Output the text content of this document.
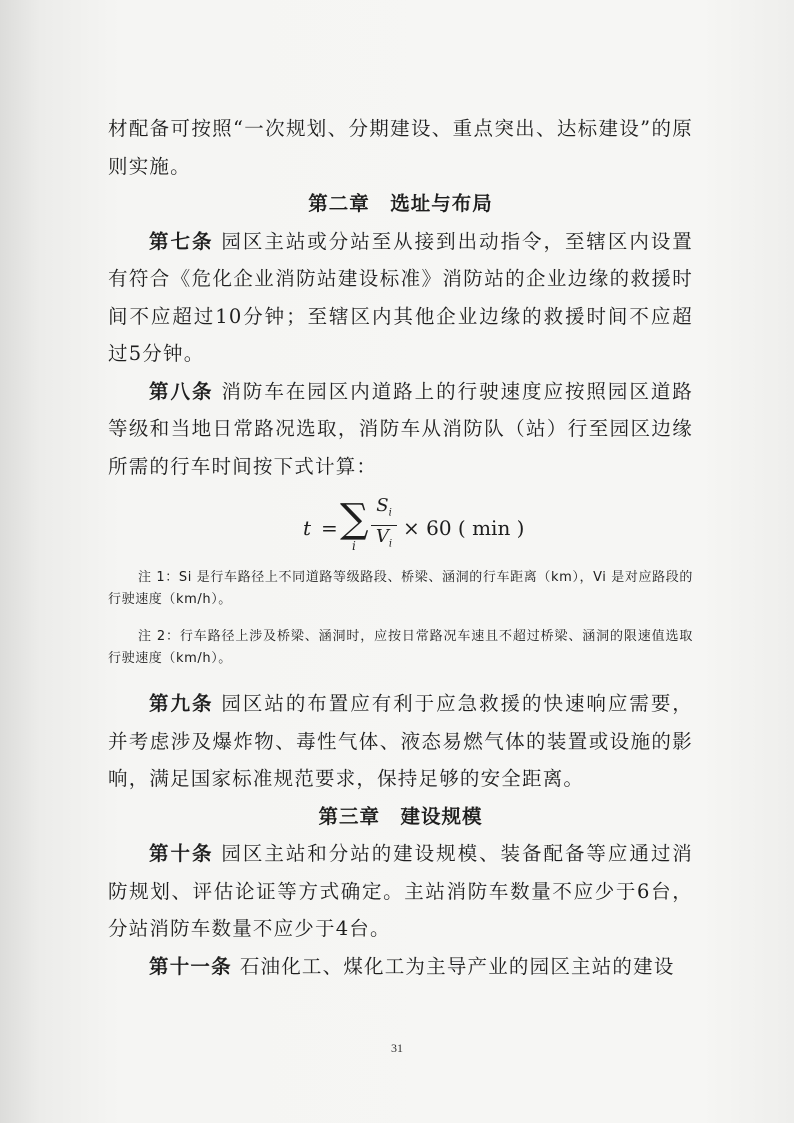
材配备可按照“一次规划、分期建设、重点突出、达标建设”的原则实施。

第二章　选址与布局

第七条 园区主站或分站至从接到出动指令，至辖区内设置有符合《危化企业消防站建设标准》消防站的企业边缘的救援时间不应超过10分钟；至辖区内其他企业边缘的救援时间不应超过5分钟。

第八条 消防车在园区内道路上的行驶速度应按照园区道路等级和当地日常路况选取，消防车从消防队（站）行至园区边缘所需的行车时间按下式计算：

t = ∑
i $\frac{S_i}{V_i} \times 60$ ( min )

注 1：Si 是行车路径上不同道路等级路段、桥梁、涵洞的行车距离（km），Vi 是对应路段的行驶速度（km/h）。

注 2：行车路径上涉及桥梁、涵洞时，应按日常路况车速且不超过桥梁、涵洞的限速值选取行驶速度（km/h）。

第九条 园区站的布置应有利于应急救援的快速响应需要，并考虑涉及爆炸物、毒性气体、液态易燃气体的装置或设施的影响，满足国家标准规范要求，保持足够的安全距离。

第三章　建设规模

第十条 园区主站和分站的建设规模、装备配备等应通过消防规划、评估论证等方式确定。主站消防车数量不应少于6台，分站消防车数量不应少于4台。

第十一条 石油化工、煤化工为主导产业的园区主站的建设

31
